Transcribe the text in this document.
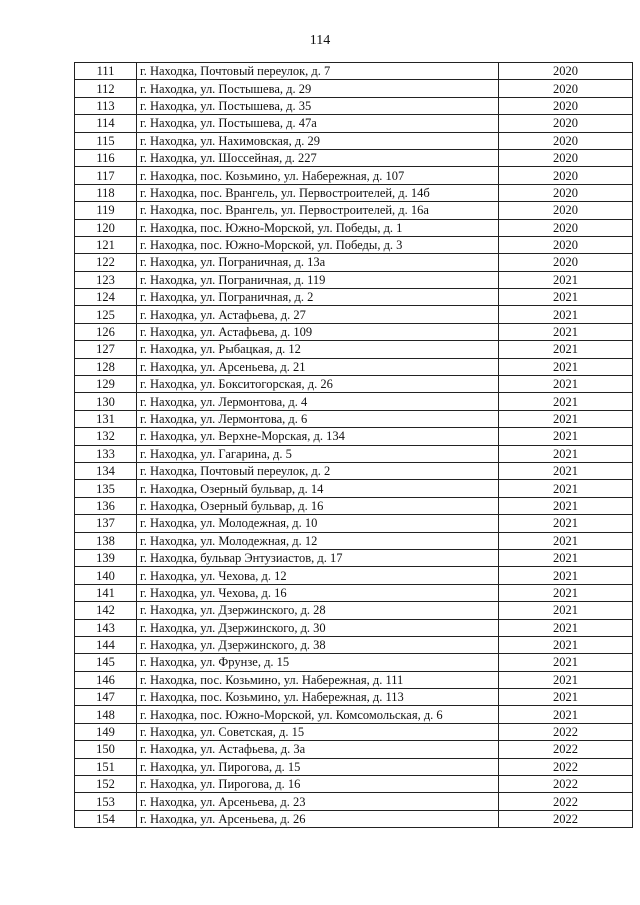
114
111	г. Находка, Почтовый переулок, д. 7	2020
112	г. Находка, ул. Постышева, д. 29	2020
113	г. Находка, ул. Постышева, д. 35	2020
114	г. Находка, ул. Постышева, д. 47а	2020
115	г. Находка, ул. Нахимовская, д. 29	2020
116	г. Находка, ул. Шоссейная, д. 227	2020
117	г. Находка, пос. Козьмино, ул. Набережная, д. 107	2020
118	г. Находка, пос. Врангель, ул. Первостроителей, д. 14б	2020
119	г. Находка, пос. Врангель, ул. Первостроителей, д. 16а	2020
120	г. Находка, пос. Южно-Морской, ул. Победы, д. 1	2020
121	г. Находка, пос. Южно-Морской, ул. Победы, д. 3	2020
122	г. Находка, ул. Пограничная, д. 13а	2020
123	г. Находка, ул. Пограничная, д. 119	2021
124	г. Находка, ул. Пограничная, д. 2	2021
125	г. Находка, ул. Астафьева, д. 27	2021
126	г. Находка, ул. Астафьева, д. 109	2021
127	г. Находка, ул. Рыбацкая, д. 12	2021
128	г. Находка, ул. Арсеньева, д. 21	2021
129	г. Находка, ул. Бокситогорская, д. 26	2021
130	г. Находка, ул. Лермонтова, д. 4	2021
131	г. Находка, ул. Лермонтова, д. 6	2021
132	г. Находка, ул. Верхне-Морская, д. 134	2021
133	г. Находка, ул. Гагарина, д. 5	2021
134	г. Находка, Почтовый переулок, д. 2	2021
135	г. Находка, Озерный бульвар, д. 14	2021
136	г. Находка, Озерный бульвар, д. 16	2021
137	г. Находка, ул. Молодежная, д. 10	2021
138	г. Находка, ул. Молодежная, д. 12	2021
139	г. Находка, бульвар Энтузиастов, д. 17	2021
140	г. Находка, ул. Чехова, д. 12	2021
141	г. Находка, ул. Чехова, д. 16	2021
142	г. Находка, ул. Дзержинского, д. 28	2021
143	г. Находка, ул. Дзержинского, д. 30	2021
144	г. Находка, ул. Дзержинского, д. 38	2021
145	г. Находка, ул. Фрунзе, д. 15	2021
146	г. Находка, пос. Козьмино, ул. Набережная, д. 111	2021
147	г. Находка, пос. Козьмино, ул. Набережная, д. 113	2021
148	г. Находка, пос. Южно-Морской, ул. Комсомольская, д. 6	2021
149	г. Находка, ул. Советская, д. 15	2022
150	г. Находка, ул. Астафьева, д. 3а	2022
151	г. Находка, ул. Пирогова, д. 15	2022
152	г. Находка, ул. Пирогова, д. 16	2022
153	г. Находка, ул. Арсеньева, д. 23	2022
154	г. Находка, ул. Арсеньева, д. 26	2022
